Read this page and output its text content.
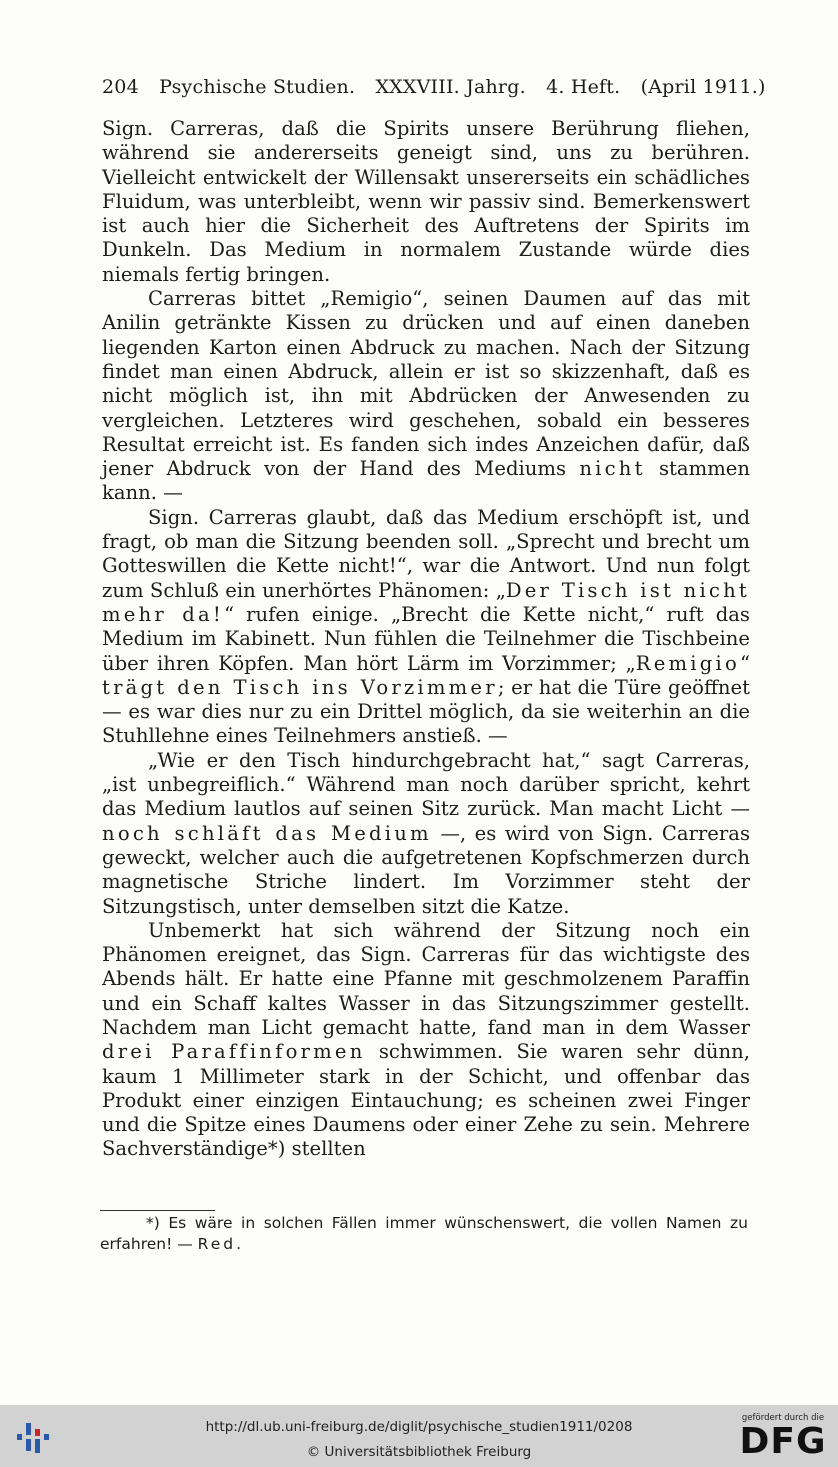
204 Psychische Studien. XXXVIII. Jahrg. 4. Heft. (April 1911.)

Sign. Carreras, daß die Spirits unsere Berührung fliehen, während sie andererseits geneigt sind, uns zu berühren. Vielleicht entwickelt der Willensakt unsererseits ein schädliches Fluidum, was unterbleibt, wenn wir passiv sind. Bemerkenswert ist auch hier die Sicherheit des Auftretens der Spirits im Dunkeln. Das Medium in normalem Zustande würde dies niemals fertig bringen.

Carreras bittet „Remigio“, seinen Daumen auf das mit Anilin getränkte Kissen zu drücken und auf einen daneben liegenden Karton einen Abdruck zu machen. Nach der Sitzung findet man einen Abdruck, allein er ist so skizzenhaft, daß es nicht möglich ist, ihn mit Abdrücken der Anwesenden zu vergleichen. Letzteres wird geschehen, sobald ein besseres Resultat erreicht ist. Es fanden sich indes Anzeichen dafür, daß jener Abdruck von der Hand des Mediums nicht stammen kann. —

Sign. Carreras glaubt, daß das Medium erschöpft ist, und fragt, ob man die Sitzung beenden soll. „Sprecht und brecht um Gotteswillen die Kette nicht!“, war die Antwort. Und nun folgt zum Schluß ein unerhörtes Phänomen: „Der Tisch ist nicht mehr da!“ rufen einige. „Brecht die Kette nicht,“ ruft das Medium im Kabinett. Nun fühlen die Teilnehmer die Tischbeine über ihren Köpfen. Man hört Lärm im Vorzimmer; „Remigio“ trägt den Tisch ins Vorzimmer; er hat die Türe geöffnet — es war dies nur zu ein Drittel möglich, da sie weiterhin an die Stuhllehne eines Teilnehmers anstieß. —

„Wie er den Tisch hindurchgebracht hat,“ sagt Carreras, „ist unbegreiflich.“ Während man noch darüber spricht, kehrt das Medium lautlos auf seinen Sitz zurück. Man macht Licht — noch schläft das Medium —, es wird von Sign. Carreras geweckt, welcher auch die aufgetretenen Kopfschmerzen durch magnetische Striche lindert. Im Vorzimmer steht der Sitzungstisch, unter demselben sitzt die Katze.

Unbemerkt hat sich während der Sitzung noch ein Phänomen ereignet, das Sign. Carreras für das wichtigste des Abends hält. Er hatte eine Pfanne mit geschmolzenem Paraffin und ein Schaff kaltes Wasser in das Sitzungszimmer gestellt. Nachdem man Licht gemacht hatte, fand man in dem Wasser drei Paraffinformen schwimmen. Sie waren sehr dünn, kaum 1 Millimeter stark in der Schicht, und offenbar das Produkt einer einzigen Eintauchung; es scheinen zwei Finger und die Spitze eines Daumens oder einer Zehe zu sein. Mehrere Sachverständige*) stellten

*) Es wäre in solchen Fällen immer wünschenswert, die vollen Namen zu erfahren! — Red.
http://dl.ub.uni-freiburg.de/diglit/psychische_studien1911/0208
© Universitätsbibliothek Freiburg
gefördert durch die
DFG
